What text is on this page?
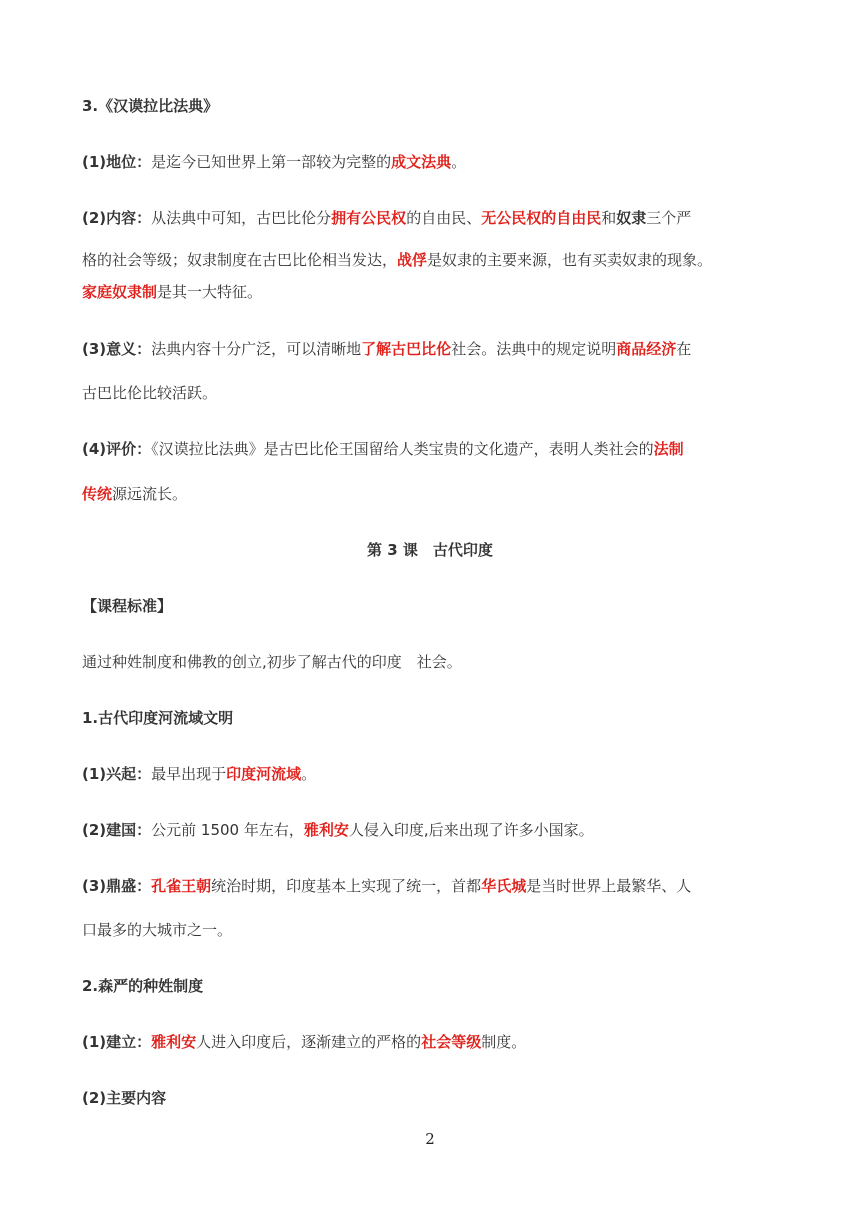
3.《汉谟拉比法典》
(1)地位：是迄今已知世界上第一部较为完整的成文法典。
(2)内容：从法典中可知，古巴比伦分拥有公民权的自由民、无公民权的自由民和奴隶三个严
格的社会等级；奴隶制度在古巴比伦相当发达，战俘是奴隶的主要来源，也有买卖奴隶的现象。
家庭奴隶制是其一大特征。
(3)意义：法典内容十分广泛，可以清晰地了解古巴比伦社会。法典中的规定说明商品经济在
古巴比伦比较活跃。
(4)评价：《汉谟拉比法典》是古巴比伦王国留给人类宝贵的文化遗产，表明人类社会的法制
传统源远流长。
第 3 课　古代印度
【课程标准】
通过种姓制度和佛教的创立,初步了解古代的印度　社会。
1.古代印度河流域文明
(1)兴起：最早出现于印度河流域。
(2)建国：公元前 1500 年左右，雅利安人侵入印度,后来出现了许多小国家。
(3)鼎盛：孔雀王朝统治时期，印度基本上实现了统一，首都华氏城是当时世界上最繁华、人
口最多的大城市之一。
2.森严的种姓制度
(1)建立：雅利安人进入印度后，逐渐建立的严格的社会等级制度。
(2)主要内容
2
